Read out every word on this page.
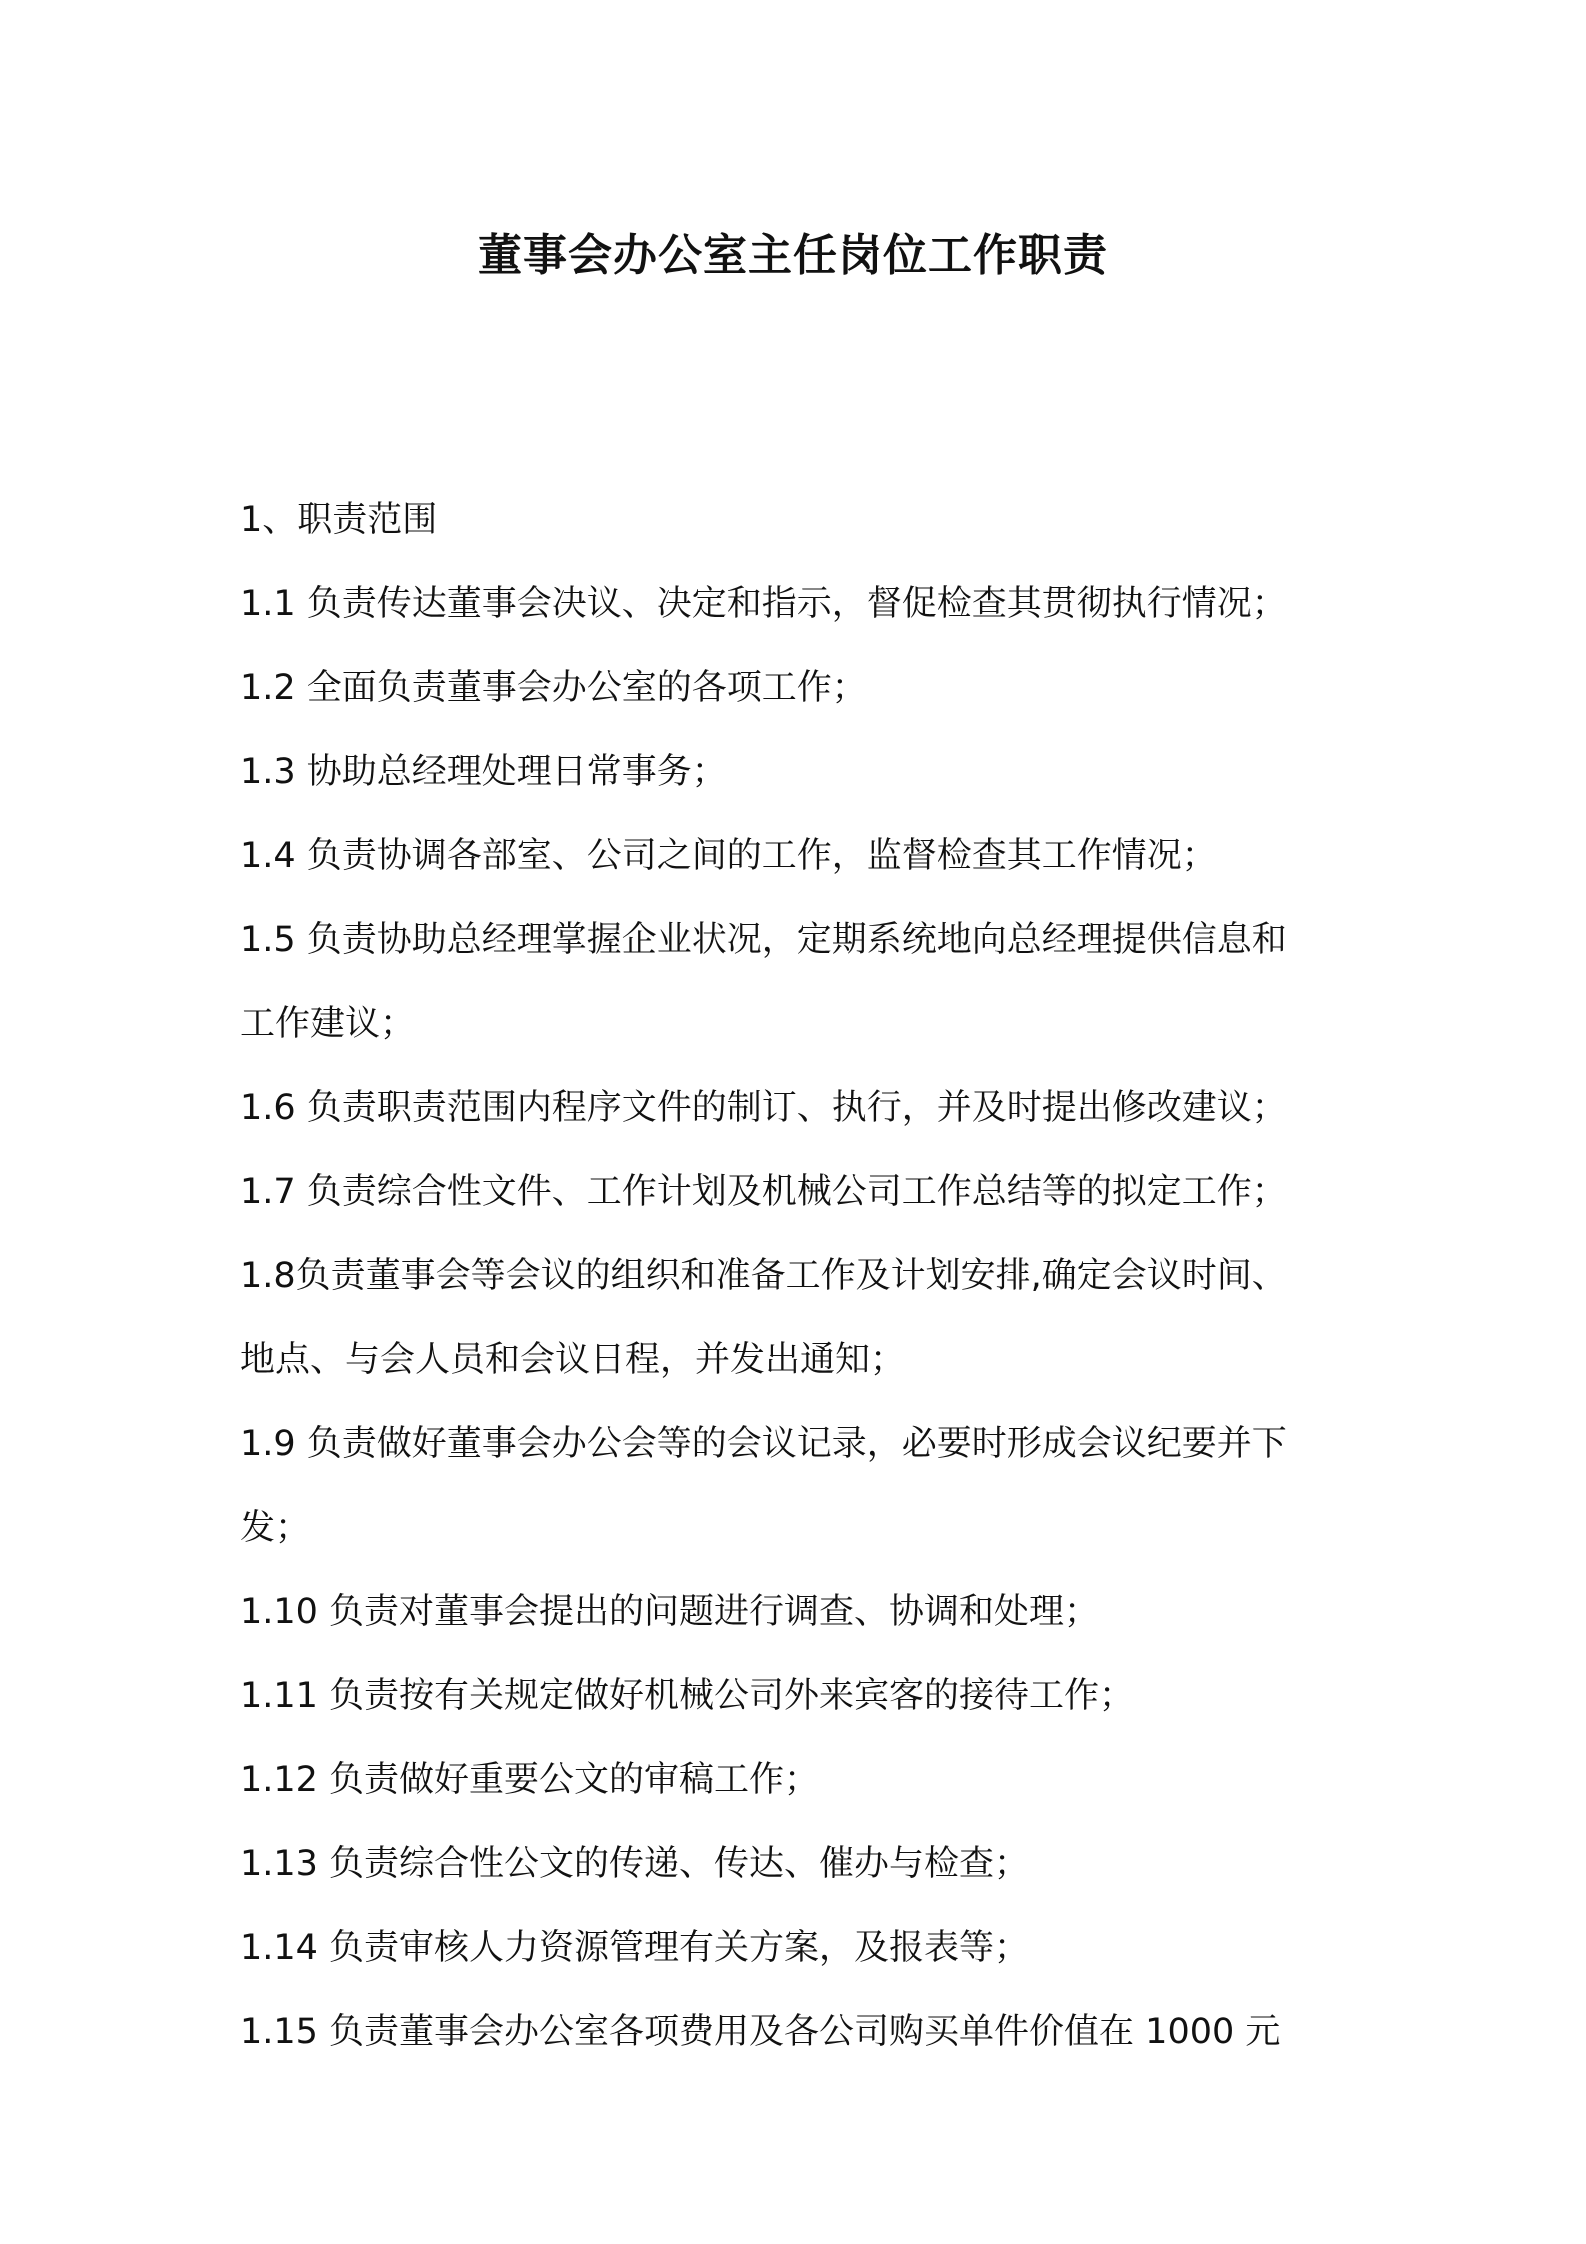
董事会办公室主任岗位工作职责

1、职责范围

1.1 负责传达董事会决议、决定和指示，督促检查其贯彻执行情况；

1.2 全面负责董事会办公室的各项工作；

1.3 协助总经理处理日常事务；

1.4 负责协调各部室、公司之间的工作，监督检查其工作情况；

1.5 负责协助总经理掌握企业状况，定期系统地向总经理提供信息和

工作建议；

1.6 负责职责范围内程序文件的制订、执行，并及时提出修改建议；

1.7 负责综合性文件、工作计划及机械公司工作总结等的拟定工作；

1.8负责董事会等会议的组织和准备工作及计划安排,确定会议时间、

地点、与会人员和会议日程，并发出通知；

1.9 负责做好董事会办公会等的会议记录，必要时形成会议纪要并下

发；

1.10 负责对董事会提出的问题进行调查、协调和处理；

1.11 负责按有关规定做好机械公司外来宾客的接待工作；

1.12 负责做好重要公文的审稿工作；

1.13 负责综合性公文的传递、传达、催办与检查；

1.14 负责审核人力资源管理有关方案，及报表等；

1.15 负责董事会办公室各项费用及各公司购买单件价值在 1000 元
